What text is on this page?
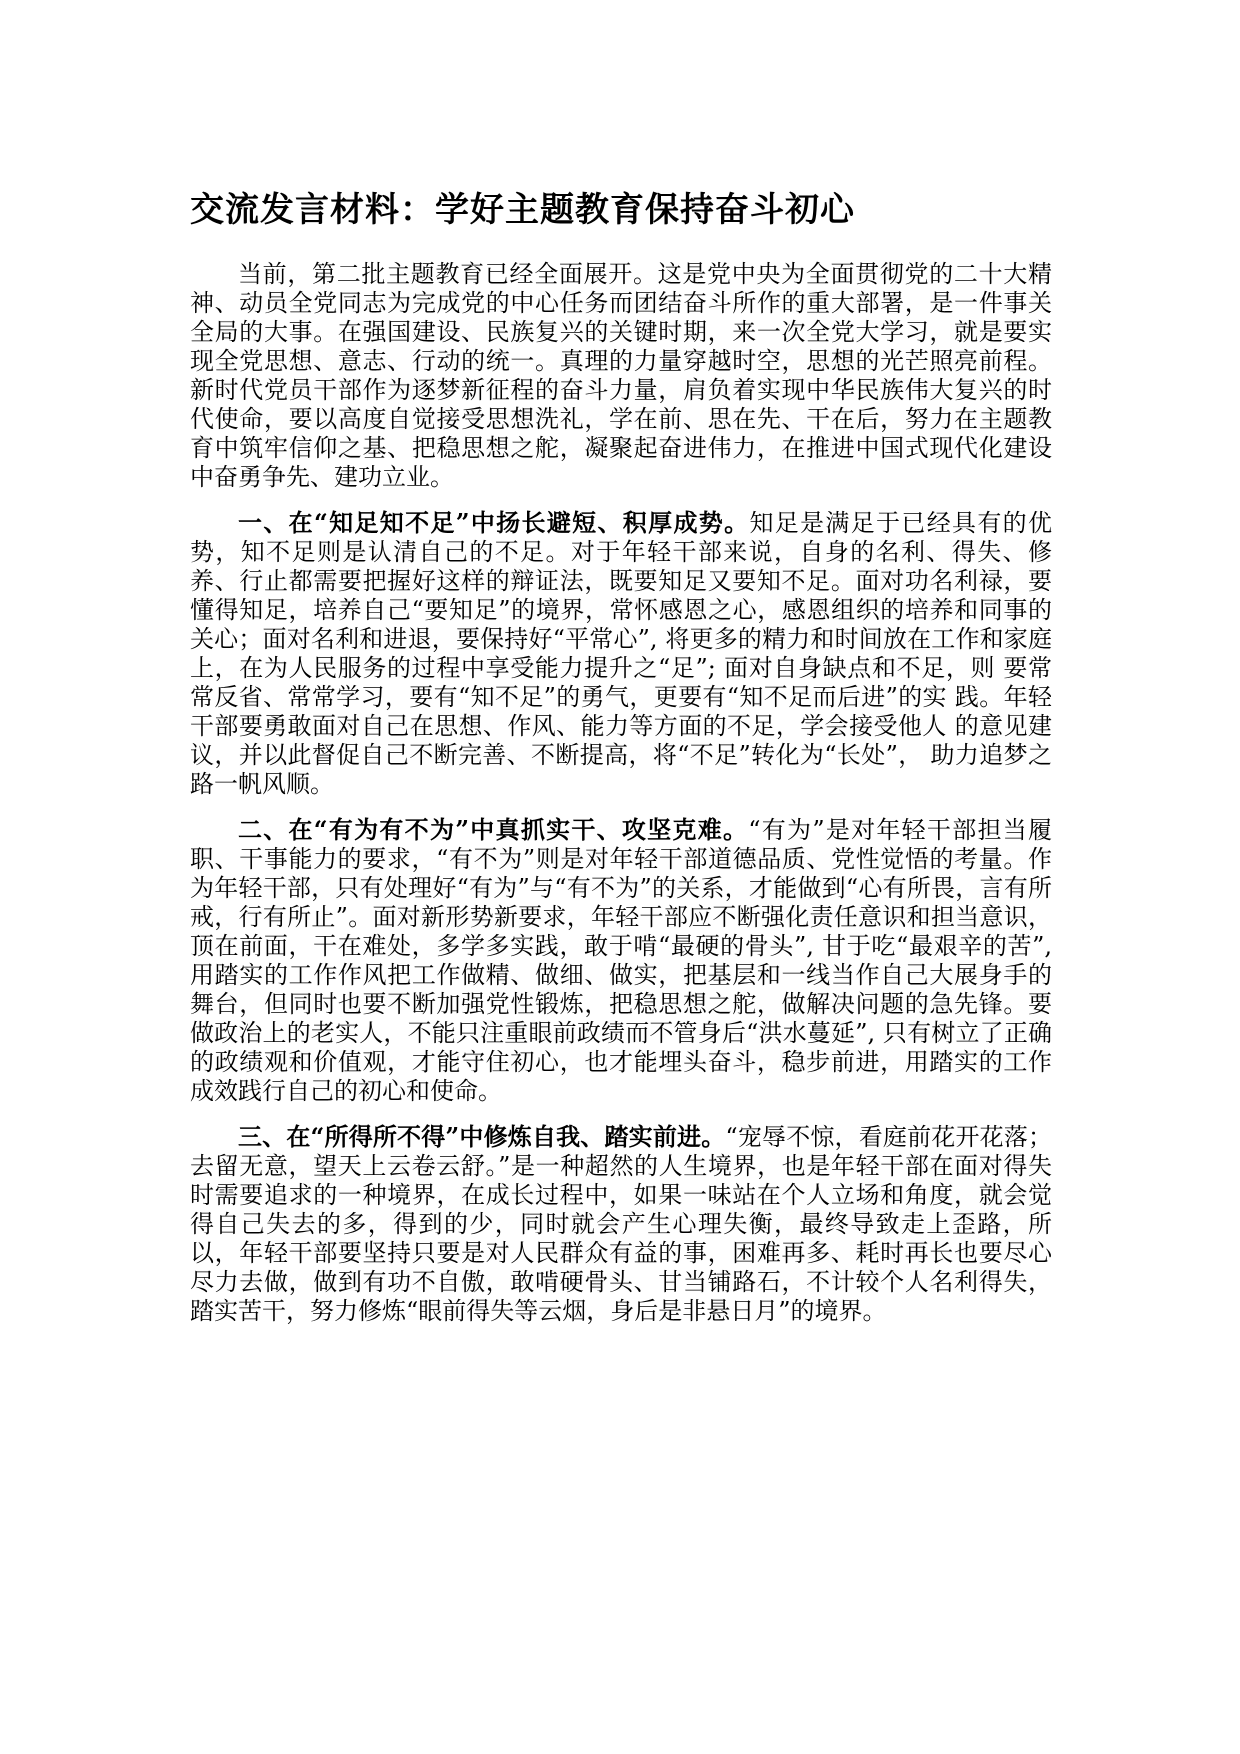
交流发言材料：学好主题教育保持奋斗初心

当前，第二批主题教育已经全面展开。这是党中央为全面贯彻党的二十大精神、动员全党同志为完成党的中心任务而团结奋斗所作的重大部署，是一件事关全局的大事。在强国建设、民族复兴的关键时期，来一次全党大学习，就是要实现全党思想、意志、行动的统一。真理的力量穿越时空，思想的光芒照亮前程。 新时代党员干部作为逐梦新征程的奋斗力量，肩负着实现中华民族伟大复兴的时 代使命，要以高度自觉接受思想洗礼，学在前、思在先、干在后，努力在主题教 育中筑牢信仰之基、把稳思想之舵，凝聚起奋进伟力，在推进中国式现代化建设 中奋勇争先、建功立业。

一、在“知足知不足”中扬长避短、积厚成势。知足是满足于已经具有的优势，知不足则是认清自己的不足。对于年轻干部来说，自身的名利、得失、修养、行止都需要把握好这样的辩证法，既要知足又要知不足。面对功名利禄，要懂得知足，培养自己“要知足”的境界，常怀感恩之心，感恩组织的培养和同事的关心；面对名利和进退，要保持好“平常心”, 将更多的精力和时间放在工作和家庭上，在为人民服务的过程中享受能力提升之“足”; 面对自身缺点和不足，则 要常常反省、常常学习，要有“知不足”的勇气，更要有“知不足而后进”的实 践。年轻干部要勇敢面对自己在思想、作风、能力等方面的不足，学会接受他人 的意见建议，并以此督促自己不断完善、不断提高，将“不足”转化为“长处”， 助力追梦之路一帆风顺。

二、在“有为有不为”中真抓实干、攻坚克难。“有为”是对年轻干部担当履职、干事能力的要求，“有不为”则是对年轻干部道德品质、党性觉悟的考量。作为年轻干部，只有处理好“有为”与“有不为”的关系，才能做到“心有所畏，言有所戒，行有所止”。面对新形势新要求，年轻干部应不断强化责任意识和担当意识，顶在前面，干在难处，多学多实践，敢于啃“最硬的骨头”, 甘于吃“最艰辛的苦”, 用踏实的工作作风把工作做精、做细、做实，把基层和一线当作自己大展身手的舞台，但同时也要不断加强党性锻炼，把稳思想之舵，做解决问题的急先锋。要做政治上的老实人，不能只注重眼前政绩而不管身后“洪水蔓延”, 只有树立了正确的政绩观和价值观，才能守住初心，也才能埋头奋斗，稳步前进，用踏实的工作成效践行自己的初心和使命。

三、在“所得所不得”中修炼自我、踏实前进。“宠辱不惊，看庭前花开花落；去留无意，望天上云卷云舒。”是一种超然的人生境界，也是年轻干部在面对得失时需要追求的一种境界，在成长过程中，如果一味站在个人立场和角度，就会觉得自己失去的多，得到的少，同时就会产生心理失衡，最终导致走上歪路，所以，年轻干部要坚持只要是对人民群众有益的事，困难再多、耗时再长也要尽心尽力去做，做到有功不自傲，敢啃硬骨头、甘当铺路石，不计较个人名利得失，踏实苦干，努力修炼“眼前得失等云烟，身后是非悬日月”的境界。
